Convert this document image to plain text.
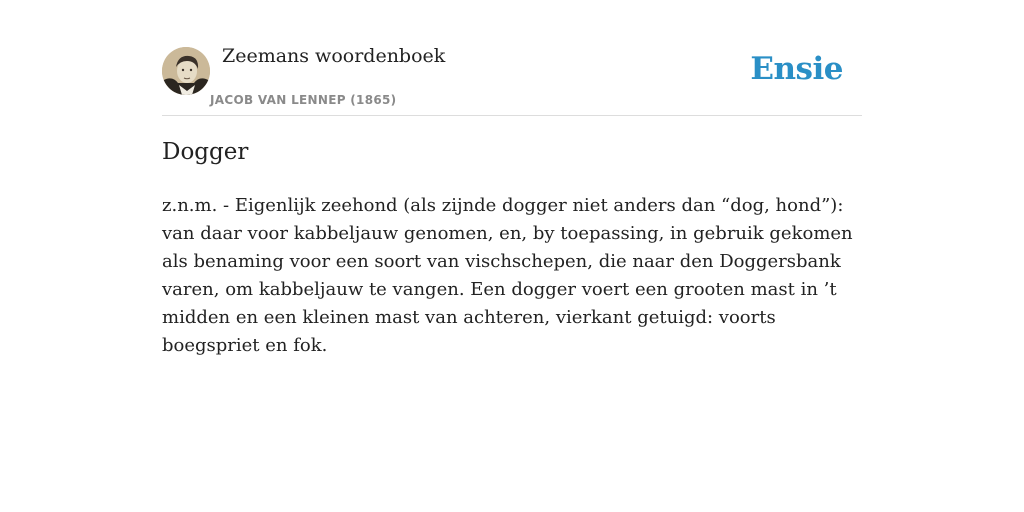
Zeemans woordenboek
JACOB VAN LENNEP (1865)
Ensie
Dogger

z.n.m. - Eigenlijk zeehond (als zijnde dogger niet anders dan “dog, hond”): van daar voor kabbeljauw genomen, en, by toepassing, in gebruik gekomen als benaming voor een soort van vischschepen, die naar den Doggersbank varen, om kabbeljauw te vangen. Een dogger voert een grooten mast in ’t midden en een kleinen mast van achteren, vierkant getuigd: voorts boegspriet en fok.
